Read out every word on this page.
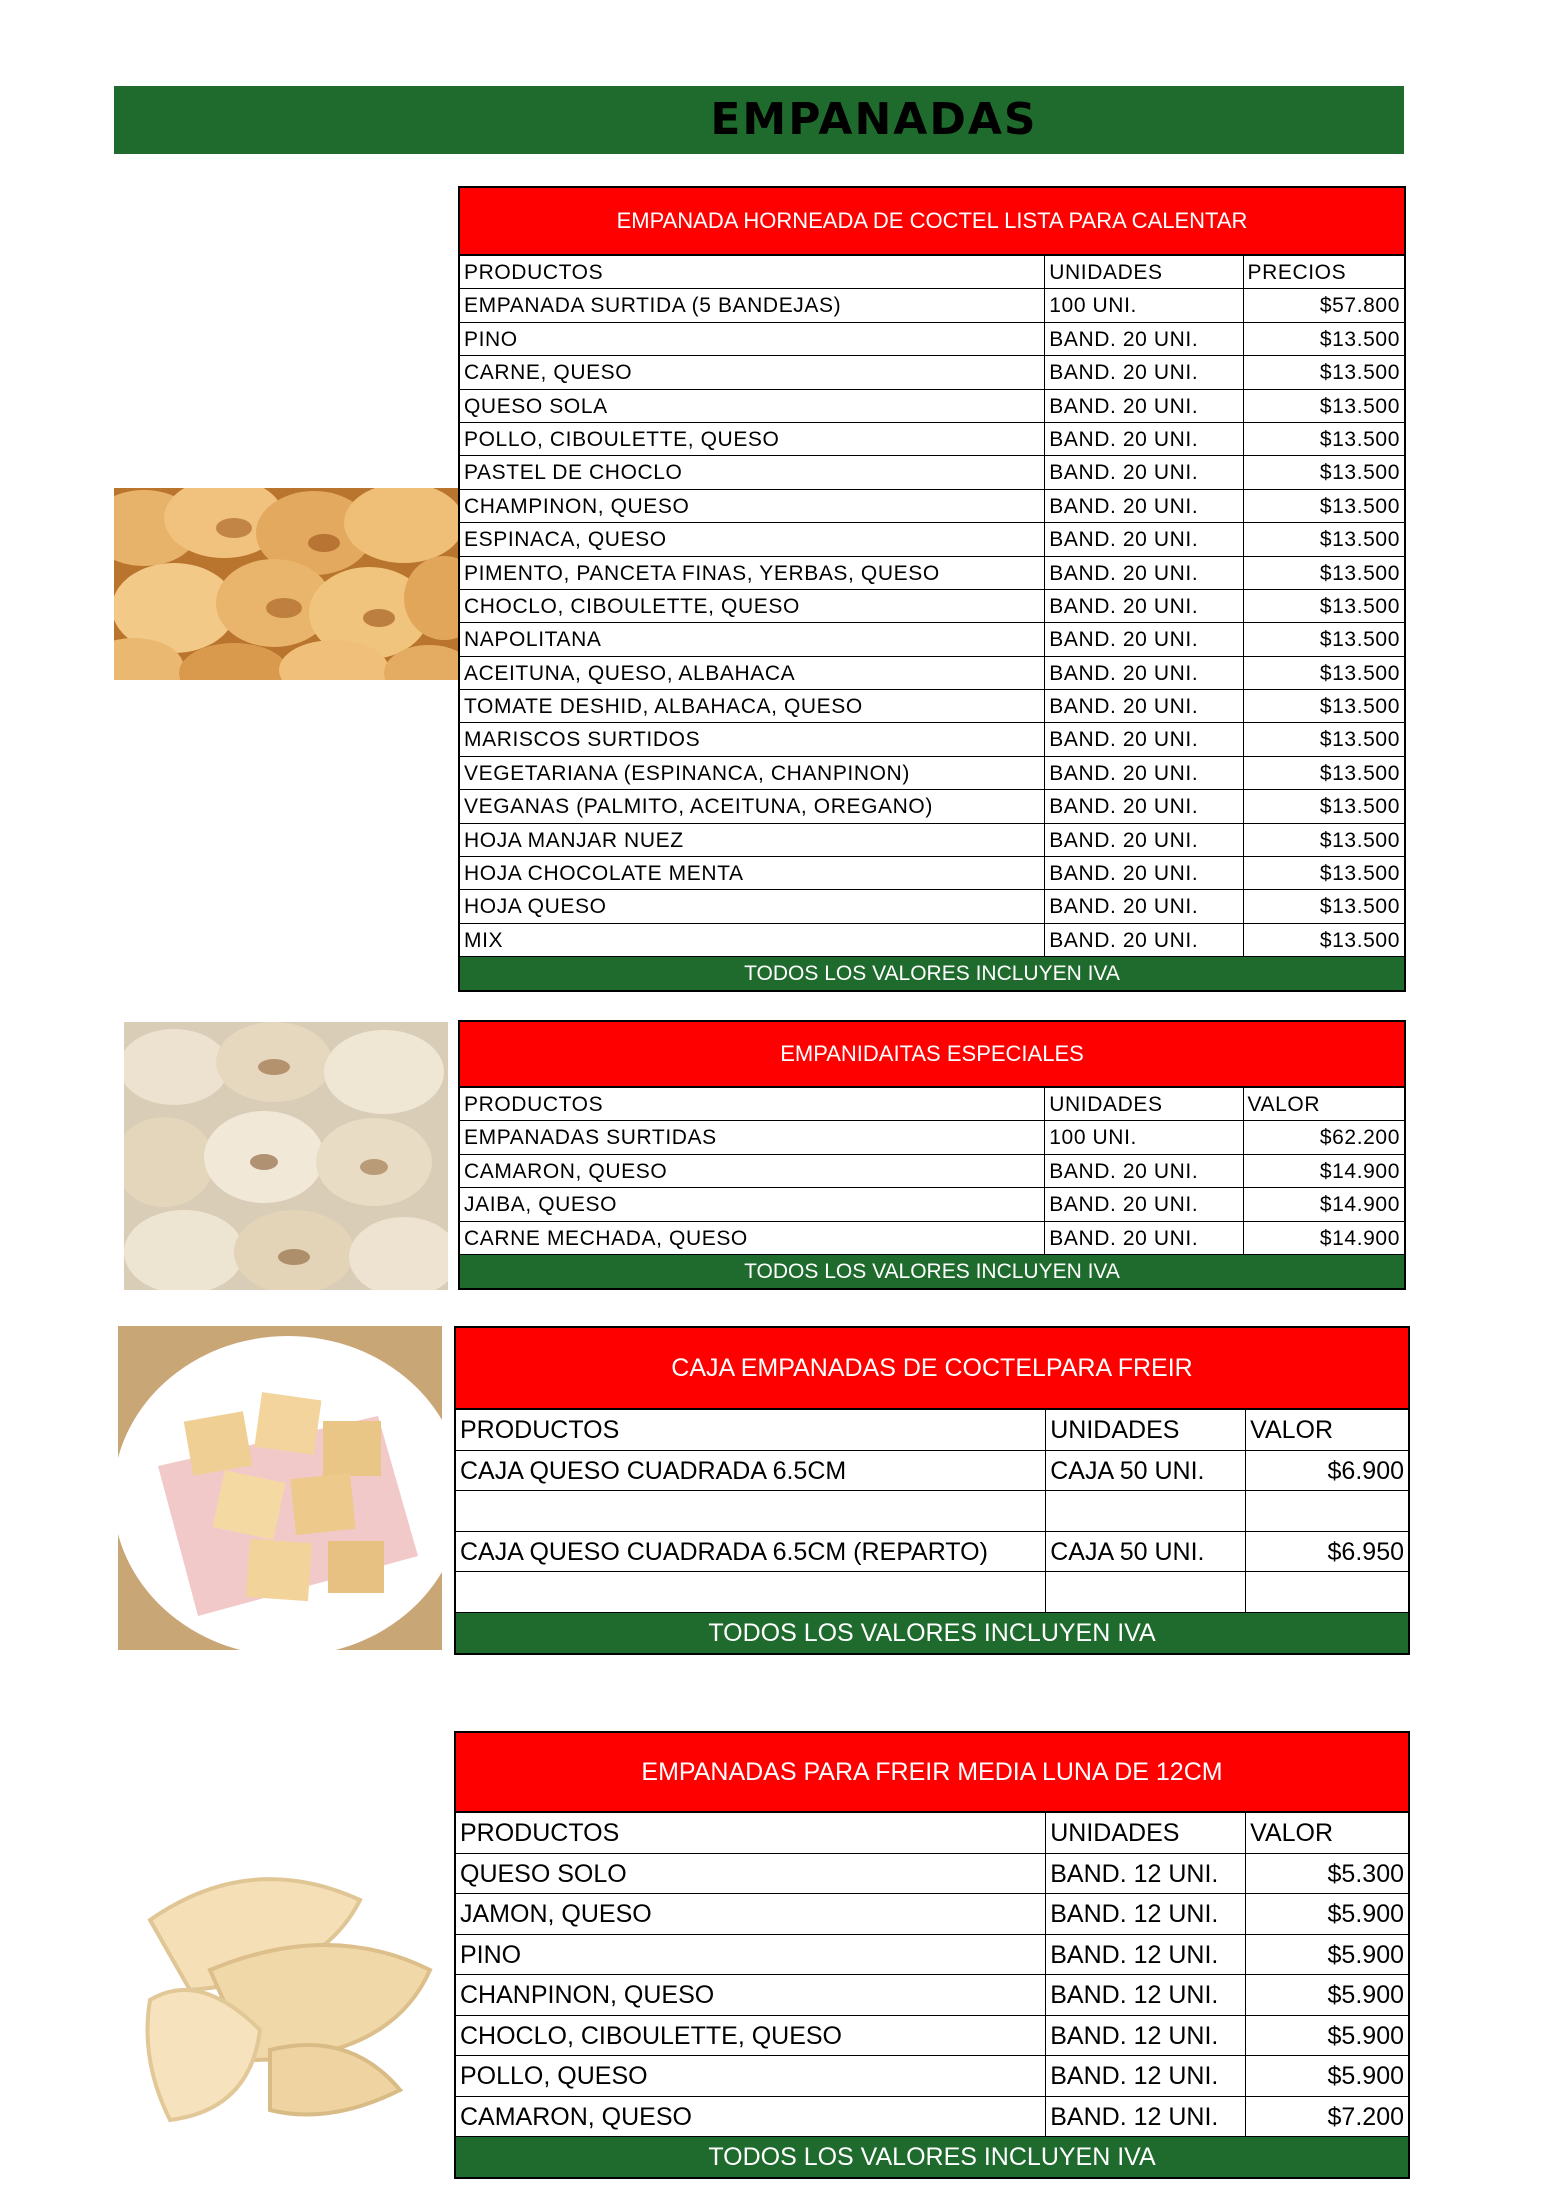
EMPANADAS
EMPANADA HORNEADA DE COCTEL LISTA PARA CALENTAR
PRODUCTOS	UNIDADES	PRECIOS
EMPANADA SURTIDA (5 BANDEJAS)	100 UNI.	$57.800
PINO	BAND. 20 UNI.	$13.500
CARNE, QUESO	BAND. 20 UNI.	$13.500
QUESO SOLA	BAND. 20 UNI.	$13.500
POLLO, CIBOULETTE, QUESO	BAND. 20 UNI.	$13.500
PASTEL DE CHOCLO	BAND. 20 UNI.	$13.500
CHAMPINON, QUESO	BAND. 20 UNI.	$13.500
ESPINACA, QUESO	BAND. 20 UNI.	$13.500
PIMENTO, PANCETA FINAS, YERBAS, QUESO	BAND. 20 UNI.	$13.500
CHOCLO, CIBOULETTE, QUESO	BAND. 20 UNI.	$13.500
NAPOLITANA	BAND. 20 UNI.	$13.500
ACEITUNA, QUESO, ALBAHACA	BAND. 20 UNI.	$13.500
TOMATE DESHID, ALBAHACA, QUESO	BAND. 20 UNI.	$13.500
MARISCOS SURTIDOS	BAND. 20 UNI.	$13.500
VEGETARIANA (ESPINANCA, CHANPINON)	BAND. 20 UNI.	$13.500
VEGANAS (PALMITO, ACEITUNA, OREGANO)	BAND. 20 UNI.	$13.500
HOJA MANJAR NUEZ	BAND. 20 UNI.	$13.500
HOJA CHOCOLATE MENTA	BAND. 20 UNI.	$13.500
HOJA QUESO	BAND. 20 UNI.	$13.500
MIX	BAND. 20 UNI.	$13.500
TODOS LOS VALORES INCLUYEN IVA
EMPANIDAITAS ESPECIALES
PRODUCTOS	UNIDADES	VALOR
EMPANADAS SURTIDAS	100 UNI.	$62.200
CAMARON, QUESO	BAND. 20 UNI.	$14.900
JAIBA, QUESO	BAND. 20 UNI.	$14.900
CARNE MECHADA, QUESO	BAND. 20 UNI.	$14.900
TODOS LOS VALORES INCLUYEN IVA
CAJA EMPANADAS DE COCTELPARA FREIR
PRODUCTOS	UNIDADES	VALOR
CAJA QUESO CUADRADA 6.5CM	CAJA 50 UNI.	$6.900
CAJA QUESO CUADRADA 6.5CM (REPARTO)	CAJA 50 UNI.	$6.950
TODOS LOS VALORES INCLUYEN IVA
EMPANADAS PARA FREIR MEDIA LUNA DE 12CM
PRODUCTOS	UNIDADES	VALOR
QUESO SOLO	BAND. 12 UNI.	$5.300
JAMON, QUESO	BAND. 12 UNI.	$5.900
PINO	BAND. 12 UNI.	$5.900
CHANPINON, QUESO	BAND. 12 UNI.	$5.900
CHOCLO, CIBOULETTE, QUESO	BAND. 12 UNI.	$5.900
POLLO, QUESO	BAND. 12 UNI.	$5.900
CAMARON, QUESO	BAND. 12 UNI.	$7.200
TODOS LOS VALORES INCLUYEN IVA
